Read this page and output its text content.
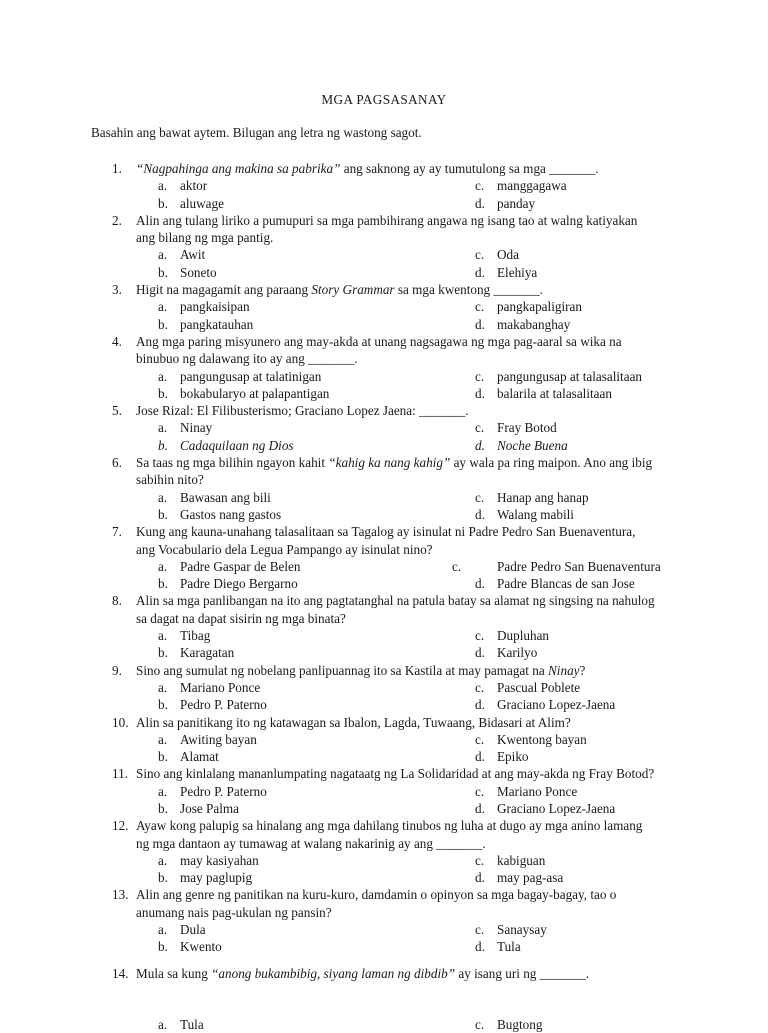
MGA PAGSASANAY
Basahin ang bawat aytem. Bilugan ang letra ng wastong sagot.
1. “Nagpahinga ang makina sa pabrika” ang saknong ay ay tumutulong sa mga _______.
a. aktor	c. manggagawa
b. aluwage	d. panday
2. Alin ang tulang liriko a pumupuri sa mga pambihirang angawa ng isang tao at walng katiyakan ang bilang ng mga pantig.
a. Awit	c. Oda
b. Soneto	d. Elehiya
3. Higit na magagamit ang paraang Story Grammar sa mga kwentong _______.
a. pangkaisipan	c. pangkapaligiran
b. pangkatauhan	d. makabanghay
4. Ang mga paring misyunero ang may-akda at unang nagsagawa ng mga pag-aaral sa wika na binubuo ng dalawang ito ay ang _______.
a. pangungusap at talatinigan	c. pangungusap at talasalitaan
b. bokabularyo at palapantigan	d. balarila at talasalitaan
5. Jose Rizal: El Filibusterismo; Graciano Lopez Jaena: _______.
a. Ninay	c. Fray Botod
b. Cadaquilaan ng Dios	d. Noche Buena
6. Sa taas ng mga bilihin ngayon kahit “kahig ka nang kahig” ay wala pa ring maipon. Ano ang ibig sabihin nito?
a. Bawasan ang bili	c. Hanap ang hanap
b. Gastos nang gastos	d. Walang mabili
7. Kung ang kauna-unahang talasalitaan sa Tagalog ay isinulat ni Padre Pedro San Buenaventura, ang Vocabulario dela Legua Pampango ay isinulat nino?
a. Padre Gaspar de Belen	c.	Padre Pedro San Buenaventura
b. Padre Diego Bergarno	d. Padre Blancas de san Jose
8. Alin sa mga panlibangan na ito ang pagtatanghal na patula batay sa alamat ng singsing na nahulog sa dagat na dapat sisirin ng mga binata?
a. Tibag	c. Dupluhan
b. Karagatan	d. Karilyo
9. Sino ang sumulat ng nobelang panlipuannag ito sa Kastila at may pamagat na Ninay?
a. Mariano Ponce	c. Pascual Poblete
b. Pedro P. Paterno	d. Graciano Lopez-Jaena
10. Alin sa panitikang ito ng katawagan sa Ibalon, Lagda, Tuwaang, Bidasari at Alim?
a. Awiting bayan	c. Kwentong bayan
b. Alamat	d. Epiko
11. Sino ang kinlalang mananlumpating nagataatg ng La Solidaridad at ang may-akda ng Fray Botod?
a. Pedro P. Paterno	c. Mariano Ponce
b. Jose Palma	d. Graciano Lopez-Jaena
12. Ayaw kong palupig sa hinalang ang mga dahilang tinubos ng luha at dugo ay mga anino lamang ng mga dantaon ay tumawag at walang nakarinig ay ang _______.
a. may kasiyahan	c. kabiguan
b. may paglupig	d. may pag-asa
13. Alin ang genre ng panitikan na kuru-kuro, damdamin o opinyon sa mga bagay-bagay, tao o anumang nais pag-ukulan ng pansin?
a. Dula	c. Sanaysay
b. Kwento	d. Tula
14. Mula sa kung “anong bukambibig, siyang laman ng dibdib” ay isang uri ng _______.
a. Tula	c. Bugtong
